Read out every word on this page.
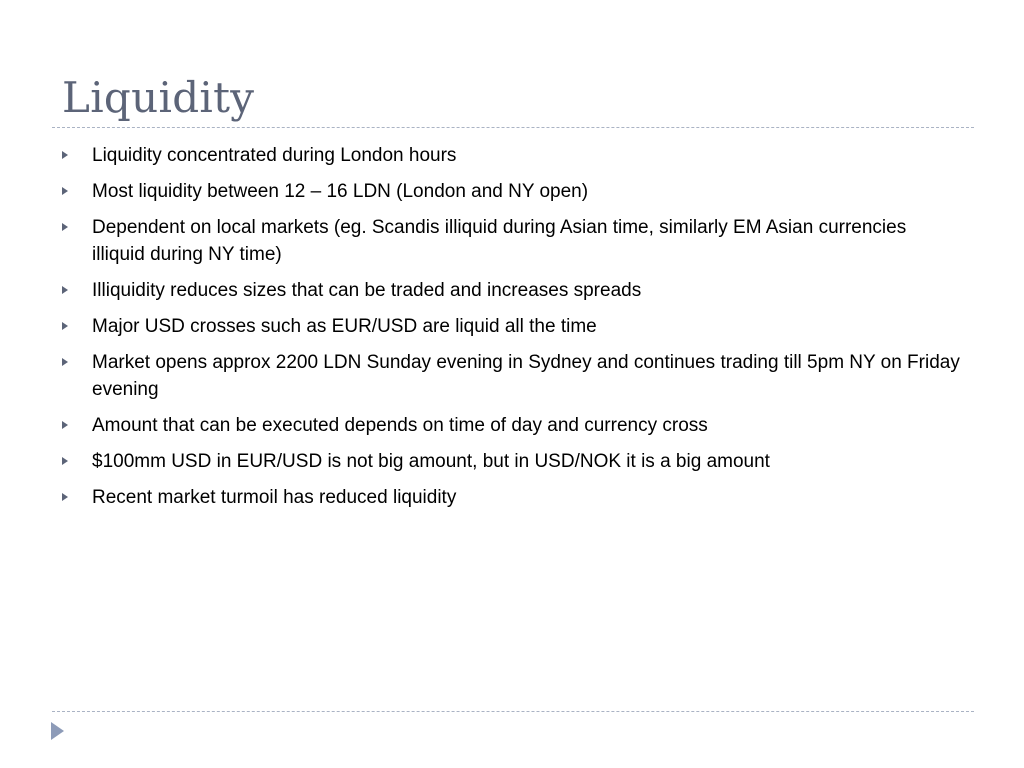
Liquidity
Liquidity concentrated during London hours
Most liquidity between 12 – 16 LDN (London and NY open)
Dependent on local markets (eg. Scandis illiquid during Asian time, similarly EM Asian currencies illiquid during NY time)
Illiquidity reduces sizes that can be traded and increases spreads
Major USD crosses such as EUR/USD are liquid all the time
Market opens approx 2200 LDN Sunday evening in Sydney and continues trading till 5pm NY on Friday evening
Amount that can be executed depends on time of day and currency cross
$100mm USD in EUR/USD is not big amount, but in USD/NOK it is a big amount
Recent market turmoil has reduced liquidity
